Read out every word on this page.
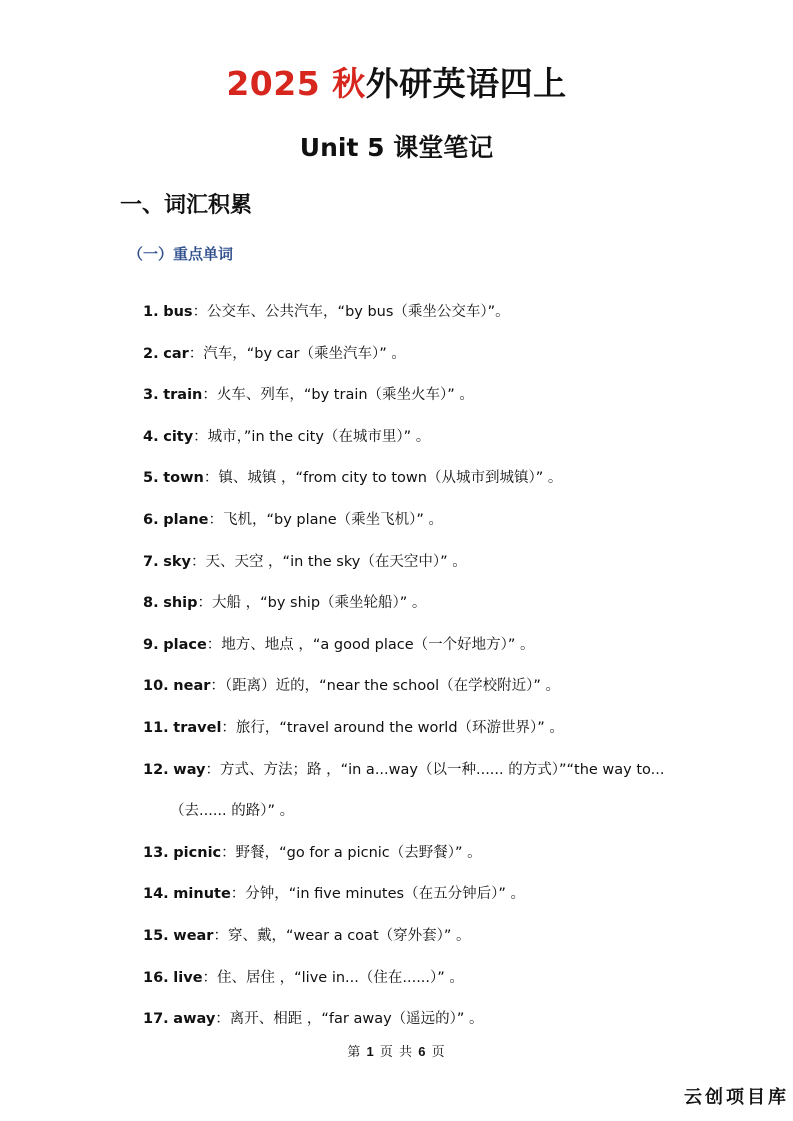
2025 秋外研英语四上
Unit 5 课堂笔记
一、词汇积累
（一）重点单词
1. bus：公交车、公共汽车，“by bus（乘坐公交车）”。
2. car：汽车，“by car（乘坐汽车）” 。
3. train：火车、列车，“by train（乘坐火车）” 。
4. city：城市，”in the city（在城市里）” 。
5. town：镇、城镇 ，“from city to town（从城市到城镇）” 。
6. plane：飞机，“by plane（乘坐飞机）” 。
7. sky：天、天空 ，“in the sky（在天空中）” 。
8. ship：大船 ，“by ship（乘坐轮船）” 。
9. place：地方、地点 ，“a good place（一个好地方）” 。
10. near：（距离）近的，“near the school（在学校附近）” 。
11. travel：旅行，“travel around the world（环游世界）” 。
12. way：方式、方法；路 ，“in a...way（以一种...... 的方式）”“the way to...
（去...... 的路）” 。
13. picnic：野餐，“go for a picnic（去野餐）” 。
14. minute：分钟，“in five minutes（在五分钟后）” 。
15. wear：穿、戴，“wear a coat（穿外套）” 。
16. live：住、居住 ，“live in...（住在......）” 。
17. away：离开、相距 ，“far away（遥远的）” 。
第 1 页 共 6 页
云创项目库
